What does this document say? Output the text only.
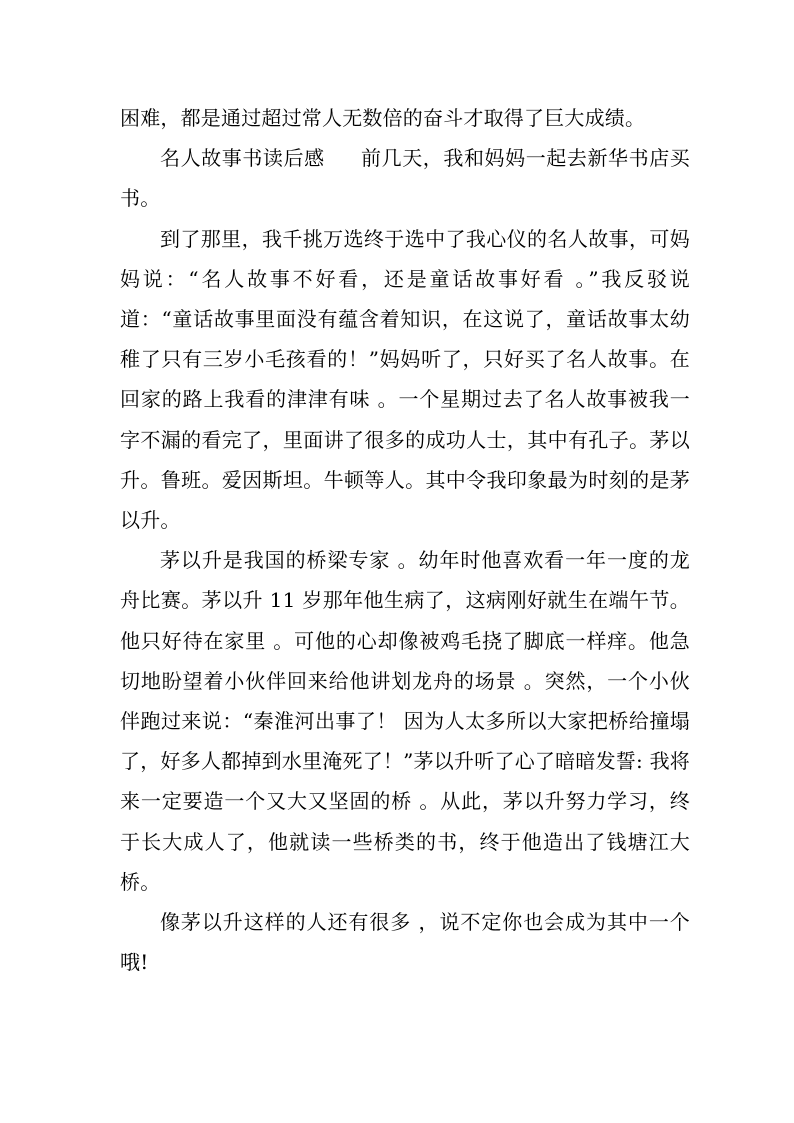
困难，都是通过超过常人无数倍的奋斗才取得了巨大成绩。

名人故事书读后感 前几天，我和妈妈一起去新华书店买书。

到了那里，我千挑万选终于选中了我心仪的名人故事，可妈妈说：“名人故事不好看，还是童话故事好看 。”我反驳说道：“童话故事里面没有蕴含着知识，在这说了，童话故事太幼稚了只有三岁小毛孩看的！”妈妈听了，只好买了名人故事。在回家的路上我看的津津有味 。一个星期过去了名人故事被我一字不漏的看完了，里面讲了很多的成功人士，其中有孔子。茅以升。鲁班。爱因斯坦。牛顿等人。其中令我印象最为时刻的是茅以升。

茅以升是我国的桥梁专家 。幼年时他喜欢看一年一度的龙舟比赛。茅以升 11 岁那年他生病了，这病刚好就生在端午节。他只好待在家里 。可他的心却像被鸡毛挠了脚底一样痒。他急切地盼望着小伙伴回来给他讲划龙舟的场景 。突然，一个小伙伴跑过来说：“秦淮河出事了！ 因为人太多所以大家把桥给撞塌了，好多人都掉到水里淹死了！”茅以升听了心了暗暗发誓: 我将来一定要造一个又大又坚固的桥 。从此，茅以升努力学习，终于长大成人了，他就读一些桥类的书，终于他造出了钱塘江大桥。

像茅以升这样的人还有很多 ，说不定你也会成为其中一个哦!
